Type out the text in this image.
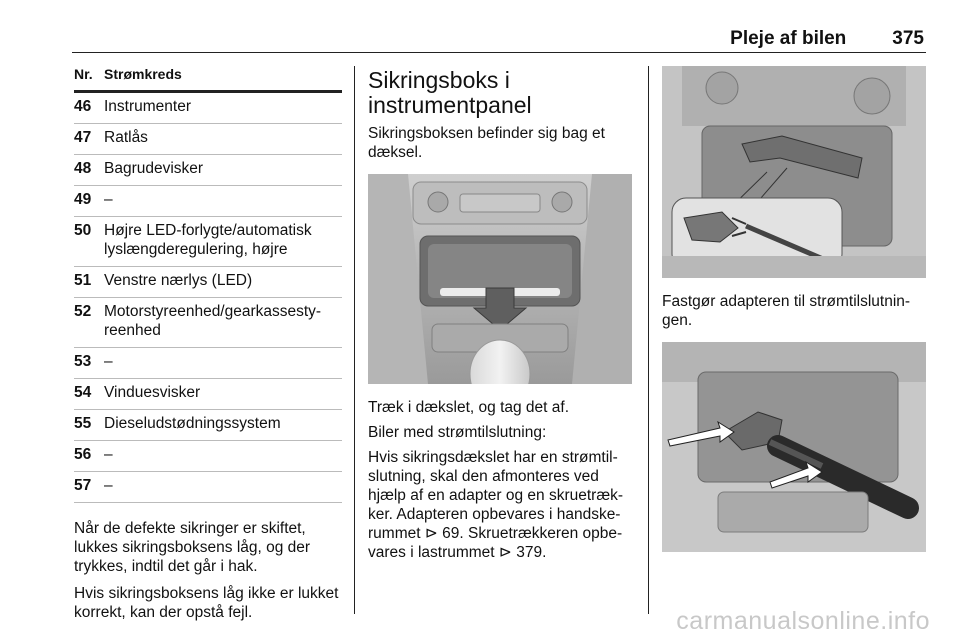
Pleje af bilen 375
Nr. Strømkreds
46 Instrumenter
47 Ratlås
48 Bagrudevisker
49 –
50 Højre LED-forlygte/automatisk lyslængderegulering, højre
51 Venstre nærlys (LED)
52 Motorstyreenhed/gearkassesty-reenhed
53 –
54 Vinduesvisker
55 Dieseludstødningssystem
56 –
57 –

Når de defekte sikringer er skiftet, lukkes sikringsboksens låg, og der trykkes, indtil det går i hak.

Hvis sikringsboksens låg ikke er lukket korrekt, kan der opstå fejl.

Sikringsboks i instrumentpanel

Sikringsboksen befinder sig bag et dæksel.

Træk i dækslet, og tag det af.

Biler med strømtilslutning:

Hvis sikringsdækslet har en strømtil-slutning, skal den afmonteres ved hjælp af en adapter og en skruetræk-ker. Adapteren opbevares i handske-rummet ⊳ 69. Skruetrækkeren opbe-vares i lastrummet ⊳ 379.

Fastgør adapteren til strømtilslutnin-gen.

carmanualsonline.info
